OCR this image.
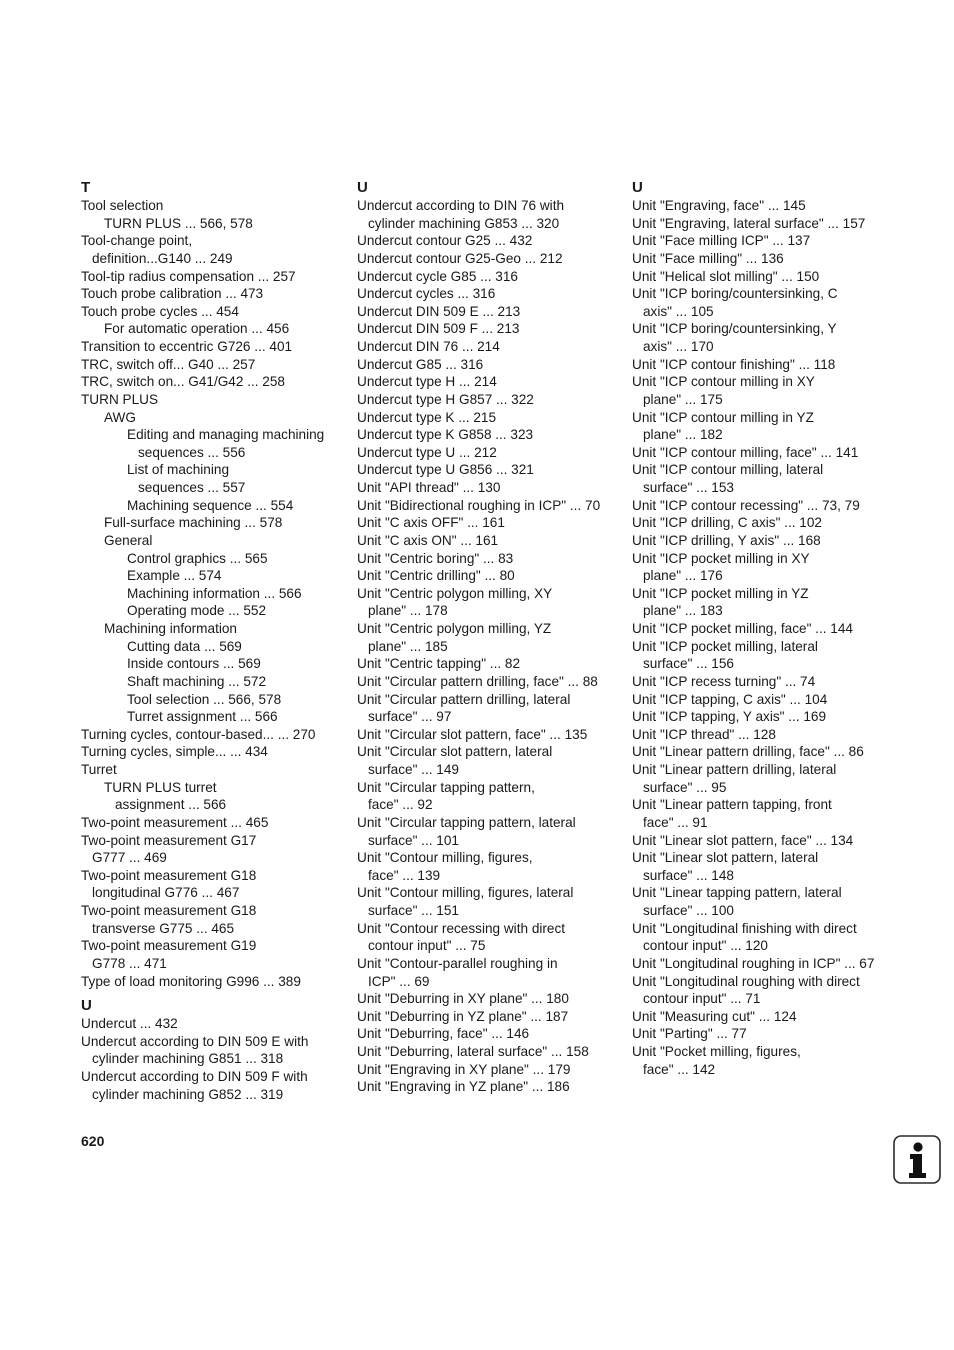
T
Tool selection
TURN PLUS ... 566, 578
Tool-change point,
definition...G140 ... 249
Tool-tip radius compensation ... 257
Touch probe calibration ... 473
Touch probe cycles ... 454
For automatic operation ... 456
Transition to eccentric G726 ... 401
TRC, switch off... G40 ... 257
TRC, switch on... G41/G42 ... 258
TURN PLUS
AWG
Editing and managing machining
sequences ... 556
List of machining
sequences ... 557
Machining sequence ... 554
Full-surface machining ... 578
General
Control graphics ... 565
Example ... 574
Machining information ... 566
Operating mode ... 552
Machining information
Cutting data ... 569
Inside contours ... 569
Shaft machining ... 572
Tool selection ... 566, 578
Turret assignment ... 566
Turning cycles, contour-based... ... 270
Turning cycles, simple... ... 434
Turret
TURN PLUS turret
assignment ... 566
Two-point measurement ... 465
Two-point measurement G17
G777 ... 469
Two-point measurement G18
longitudinal G776 ... 467
Two-point measurement G18
transverse G775 ... 465
Two-point measurement G19
G778 ... 471
Type of load monitoring G996 ... 389
U
Undercut ... 432
Undercut according to DIN 509 E with
cylinder machining G851 ... 318
Undercut according to DIN 509 F with
cylinder machining G852 ... 319
U
Undercut according to DIN 76 with
cylinder machining G853 ... 320
Undercut contour G25 ... 432
Undercut contour G25-Geo ... 212
Undercut cycle G85 ... 316
Undercut cycles ... 316
Undercut DIN 509 E ... 213
Undercut DIN 509 F ... 213
Undercut DIN 76 ... 214
Undercut G85 ... 316
Undercut type H ... 214
Undercut type H G857 ... 322
Undercut type K ... 215
Undercut type K G858 ... 323
Undercut type U ... 212
Undercut type U G856 ... 321
Unit "API thread" ... 130
Unit "Bidirectional roughing in ICP" ... 70
Unit "C axis OFF" ... 161
Unit "C axis ON" ... 161
Unit "Centric boring" ... 83
Unit "Centric drilling" ... 80
Unit "Centric polygon milling, XY
plane" ... 178
Unit "Centric polygon milling, YZ
plane" ... 185
Unit "Centric tapping" ... 82
Unit "Circular pattern drilling, face" ... 88
Unit "Circular pattern drilling, lateral
surface" ... 97
Unit "Circular slot pattern, face" ... 135
Unit "Circular slot pattern, lateral
surface" ... 149
Unit "Circular tapping pattern,
face" ... 92
Unit "Circular tapping pattern, lateral
surface" ... 101
Unit "Contour milling, figures,
face" ... 139
Unit "Contour milling, figures, lateral
surface" ... 151
Unit "Contour recessing with direct
contour input" ... 75
Unit "Contour-parallel roughing in
ICP" ... 69
Unit "Deburring in XY plane" ... 180
Unit "Deburring in YZ plane" ... 187
Unit "Deburring, face" ... 146
Unit "Deburring, lateral surface" ... 158
Unit "Engraving in XY plane" ... 179
Unit "Engraving in YZ plane" ... 186
U
Unit "Engraving, face" ... 145
Unit "Engraving, lateral surface" ... 157
Unit "Face milling ICP" ... 137
Unit "Face milling" ... 136
Unit "Helical slot milling" ... 150
Unit "ICP boring/countersinking, C
axis" ... 105
Unit "ICP boring/countersinking, Y
axis" ... 170
Unit "ICP contour finishing" ... 118
Unit "ICP contour milling in XY
plane" ... 175
Unit "ICP contour milling in YZ
plane" ... 182
Unit "ICP contour milling, face" ... 141
Unit "ICP contour milling, lateral
surface" ... 153
Unit "ICP contour recessing" ... 73, 79
Unit "ICP drilling, C axis" ... 102
Unit "ICP drilling, Y axis" ... 168
Unit "ICP pocket milling in XY
plane" ... 176
Unit "ICP pocket milling in YZ
plane" ... 183
Unit "ICP pocket milling, face" ... 144
Unit "ICP pocket milling, lateral
surface" ... 156
Unit "ICP recess turning" ... 74
Unit "ICP tapping, C axis" ... 104
Unit "ICP tapping, Y axis" ... 169
Unit "ICP thread" ... 128
Unit "Linear pattern drilling, face" ... 86
Unit "Linear pattern drilling, lateral
surface" ... 95
Unit "Linear pattern tapping, front
face" ... 91
Unit "Linear slot pattern, face" ... 134
Unit "Linear slot pattern, lateral
surface" ... 148
Unit "Linear tapping pattern, lateral
surface" ... 100
Unit "Longitudinal finishing with direct
contour input" ... 120
Unit "Longitudinal roughing in ICP" ... 67
Unit "Longitudinal roughing with direct
contour input" ... 71
Unit "Measuring cut" ... 124
Unit "Parting" ... 77
Unit "Pocket milling, figures,
face" ... 142
620
